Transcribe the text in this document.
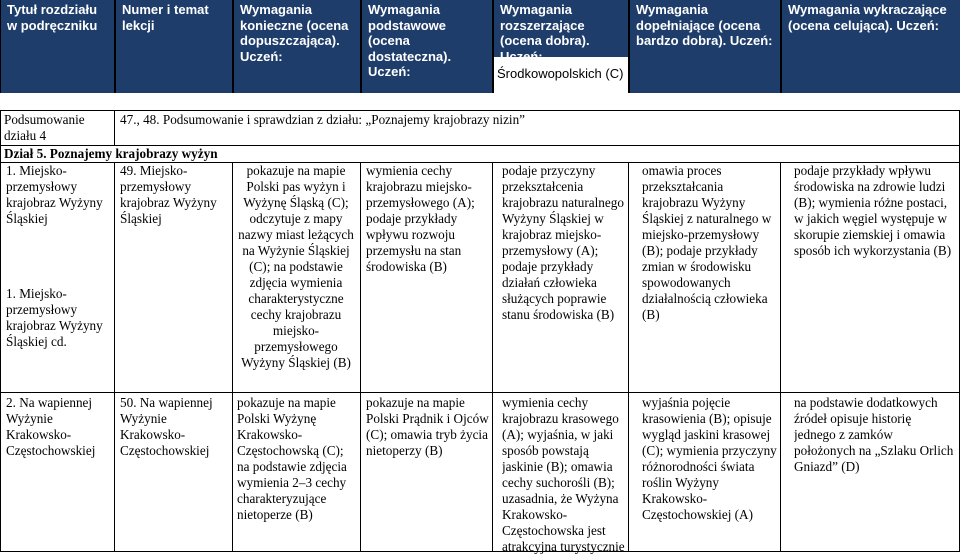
Tytuł rozdziału w podręczniku
Numer i temat lekcji
Wymagania konieczne (ocena dopuszczająca). Uczeń:
Wymagania podstawowe (ocena dostateczna). Uczeń:
Wymagania rozszerzające (ocena dobra). Uczeń:
Wymagania dopełniające (ocena bardzo dobra). Uczeń:
Wymagania wykraczające (ocena celująca). Uczeń:
Środkowopolskich (C)
Podsumowanie działu 4
47., 48. Podsumowanie i sprawdzian z działu: „Poznajemy krajobrazy nizin”
Dział 5. Poznajemy krajobrazy wyżyn
1. Miejsko-przemysłowy krajobraz Wyżyny Śląskiej
1. Miejsko-przemysłowy krajobraz Wyżyny Śląskiej cd.
49. Miejsko-przemysłowy krajobraz Wyżyny Śląskiej
pokazuje na mapie Polski pas wyżyn i Wyżynę Śląską (C); odczytuje z mapy nazwy miast leżących na Wyżynie Śląskiej (C); na podstawie zdjęcia wymienia charakterystyczne cechy krajobrazu miejsko-przemysłowego Wyżyny Śląskiej (B)
wymienia cechy krajobrazu miejsko-przemysłowego (A); podaje przykłady wpływu rozwoju przemysłu na stan środowiska (B)
podaje przyczyny przekształcenia krajobrazu naturalnego Wyżyny Śląskiej w krajobraz miejsko-przemysłowy (A); podaje przykłady działań człowieka służących poprawie stanu środowiska (B)
omawia proces przekształcania krajobrazu Wyżyny Śląskiej z naturalnego w miejsko-przemysłowy (B); podaje przykłady zmian w środowisku spowodowanych działalnością człowieka (B)
podaje przykłady wpływu środowiska na zdrowie ludzi (B); wymienia różne postaci, w jakich węgiel występuje w skorupie ziemskiej i omawia sposób ich wykorzystania (B)
2. Na wapiennej Wyżynie Krakowsko-Częstochowskiej
50. Na wapiennej Wyżynie Krakowsko-Częstochowskiej
pokazuje na mapie Polski Wyżynę Krakowsko-Częstochowską (C); na podstawie zdjęcia wymienia 2–3 cechy charakteryzujące nietoperze (B)
pokazuje na mapie Polski Prądnik i Ojców (C); omawia tryb życia nietoperzy (B)
wymienia cechy krajobrazu krasowego (A); wyjaśnia, w jaki sposób powstają jaskinie (B); omawia cechy suchorośli (B); uzasadnia, że Wyżyna Krakowsko-Częstochowska jest atrakcyjna turystycznie
wyjaśnia pojęcie krasowienia (B); opisuje wygląd jaskini krasowej (C); wymienia przyczyny różnorodności świata roślin Wyżyny Krakowsko-Częstochowskiej (A)
na podstawie dodatkowych źródeł opisuje historię jednego z zamków położonych na „Szlaku Orlich Gniazd” (D)
